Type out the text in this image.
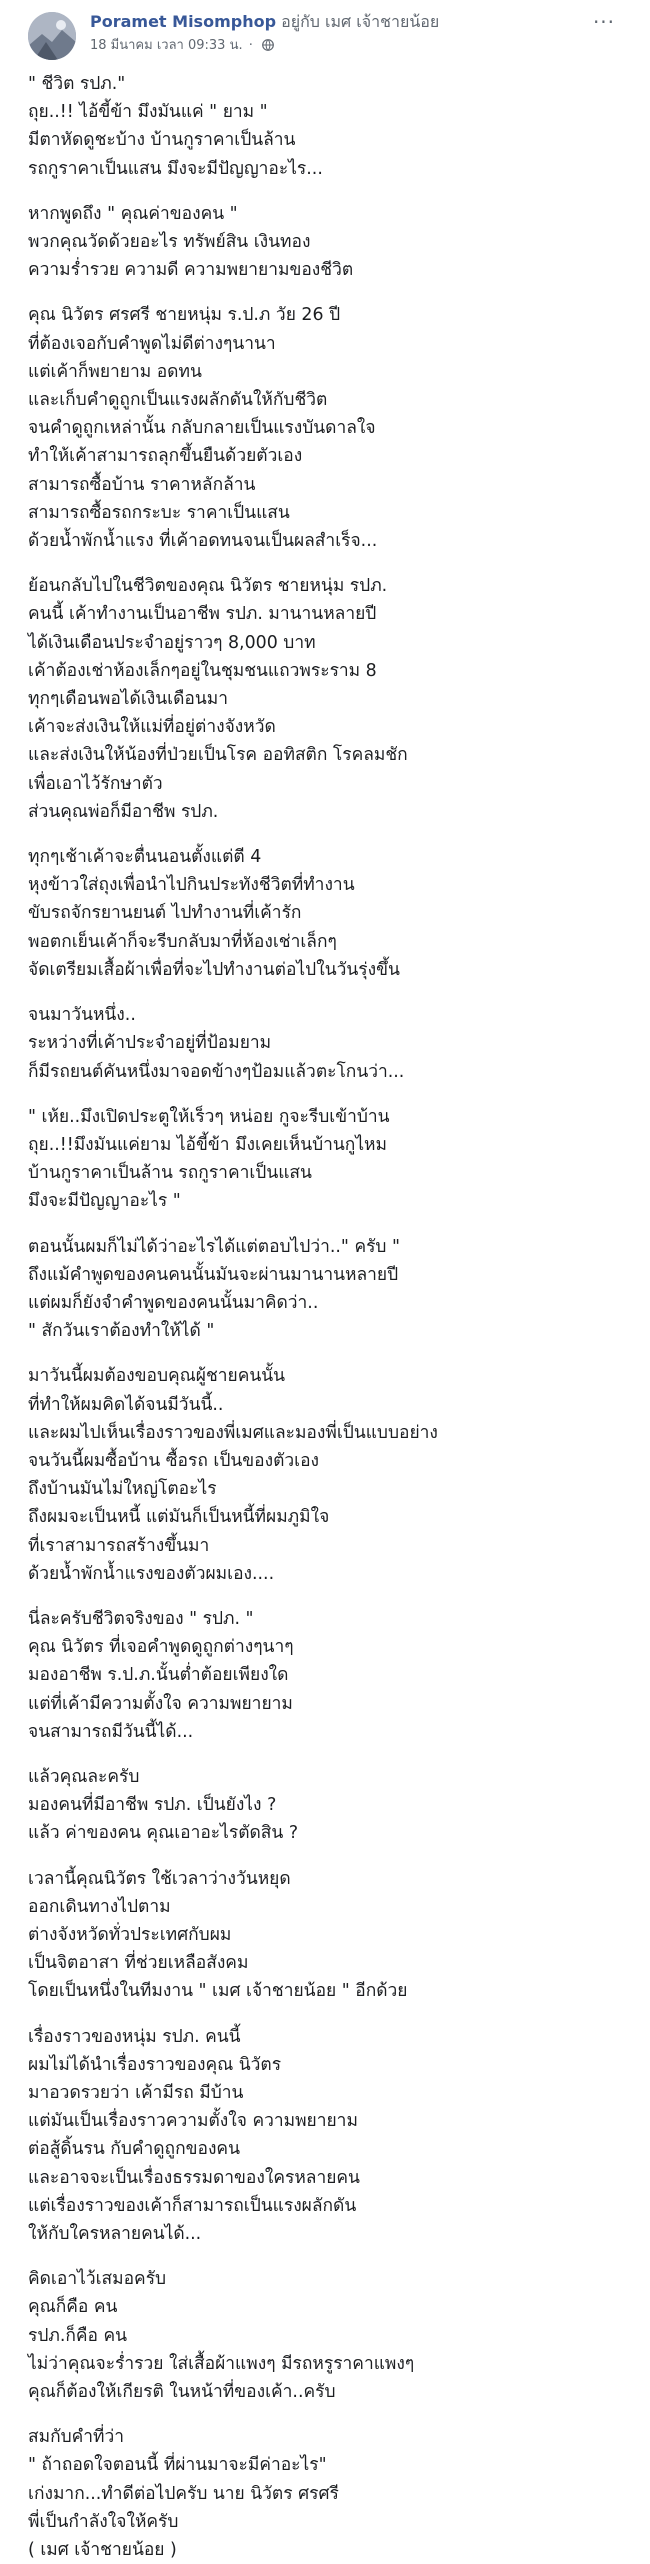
Poramet Misomphop อยู่กับ เมศ เจ้าชายน้อย
18 มีนาคม เวลา 09:33 น. ·
···
" ชีวิต รปภ."
ถุย..!! ไอ้ขี้ข้า มึงมันแค่ " ยาม "
มีตาหัดดูชะบ้าง บ้านกูราคาเป็นล้าน
รถกูราคาเป็นแสน มึงจะมีปัญญาอะไร...
หากพูดถึง " คุณค่าของคน "
พวกคุณวัดด้วยอะไร ทรัพย์สิน เงินทอง
ความร่ำรวย ความดี ความพยายามของชีวิต
คุณ นิวัตร ศรศรี ชายหนุ่ม ร.ป.ภ วัย 26 ปี
ที่ต้องเจอกับคำพูดไม่ดีต่างๆนานา
แต่เค้าก็พยายาม อดทน
และเก็บคำดูถูกเป็นแรงผลักดันให้กับชีวิต
จนคำดูถูกเหล่านั้น กลับกลายเป็นแรงบันดาลใจ
ทำให้เค้าสามารถลุกขึ้นยืนด้วยตัวเอง
สามารถซื้อบ้าน ราคาหลักล้าน
สามารถซื้อรถกระบะ ราคาเป็นแสน
ด้วยน้ำพักน้ำแรง ที่เค้าอดทนจนเป็นผลสำเร็จ...
ย้อนกลับไปในชีวิตของคุณ นิวัตร ชายหนุ่ม รปภ.
คนนี้ เค้าทำงานเป็นอาชีพ รปภ. มานานหลายปี
ได้เงินเดือนประจำอยู่ราวๆ 8,000 บาท
เค้าต้องเช่าห้องเล็กๆอยู่ในชุมชนแถวพระราม 8
ทุกๆเดือนพอได้เงินเดือนมา
เค้าจะส่งเงินให้แม่ที่อยู่ต่างจังหวัด
และส่งเงินให้น้องที่ป่วยเป็นโรค ออทิสติก โรคลมชัก
เพื่อเอาไว้รักษาตัว
ส่วนคุณพ่อก็มีอาชีพ รปภ.
ทุกๆเช้าเค้าจะตื่นนอนตั้งแต่ตี 4
หุงข้าวใส่ถุงเพื่อนำไปกินประทังชีวิตที่ทำงาน
ขับรถจักรยานยนต์ ไปทำงานที่เค้ารัก
พอตกเย็นเค้าก็จะรีบกลับมาที่ห้องเช่าเล็กๆ
จัดเตรียมเสื้อผ้าเพื่อที่จะไปทำงานต่อไปในวันรุ่งขึ้น
จนมาวันหนึ่ง..
ระหว่างที่เค้าประจำอยู่ที่ป้อมยาม
ก็มีรถยนต์คันหนึ่งมาจอดข้างๆป้อมแล้วตะโกนว่า...
" เห้ย..มึงเปิดประตูให้เร็วๆ หน่อย กูจะรีบเข้าบ้าน
ถุย..!!มึงมันแค่ยาม ไอ้ขี้ข้า มึงเคยเห็นบ้านกูไหม
บ้านกูราคาเป็นล้าน รถกูราคาเป็นแสน
มึงจะมีปัญญาอะไร "
ตอนนั้นผมก็ไม่ได้ว่าอะไรได้แต่ตอบไปว่า.." ครับ "
ถึงแม้คำพูดของคนคนนั้นมันจะผ่านมานานหลายปี
แต่ผมก็ยังจำคำพูดของคนนั้นมาคิดว่า..
" สักวันเราต้องทำให้ได้ "
มาวันนี้ผมต้องขอบคุณผู้ชายคนนั้น
ที่ทำให้ผมคิดได้จนมีวันนี้..
และผมไปเห็นเรื่องราวของพี่เมศและมองพี่เป็นแบบอย่าง
จนวันนี้ผมซื้อบ้าน ซื้อรถ เป็นของตัวเอง
ถึงบ้านมันไม่ใหญ่โตอะไร
ถึงผมจะเป็นหนี้ แต่มันก็เป็นหนี้ที่ผมภูมิใจ
ที่เราสามารถสร้างขึ้นมา
ด้วยน้ำพักน้ำแรงของตัวผมเอง....
นี่ละครับชีวิตจริงของ " รปภ. "
คุณ นิวัตร ที่เจอคำพูดดูถูกต่างๆนาๆ
มองอาชีพ ร.ป.ภ.นั้นต่ำต้อยเพียงใด
แต่ที่เค้ามีความตั้งใจ ความพยายาม
จนสามารถมีวันนี้ได้...
แล้วคุณละครับ
มองคนที่มีอาชีพ รปภ. เป็นยังไง ?
แล้ว ค่าของคน คุณเอาอะไรตัดสิน ?
เวลานี้คุณนิวัตร ใช้เวลาว่างวันหยุด
ออกเดินทางไปตาม
ต่างจังหวัดทั่วประเทศกับผม
เป็นจิตอาสา ที่ช่วยเหลือสังคม
โดยเป็นหนึ่งในทีมงาน " เมศ เจ้าชายน้อย " อีกด้วย
เรื่องราวของหนุ่ม รปภ. คนนี้
ผมไม่ได้นำเรื่องราวของคุณ นิวัตร
มาอวดรวยว่า เค้ามีรถ มีบ้าน
แต่มันเป็นเรื่องราวความตั้งใจ ความพยายาม
ต่อสู้ดิ้นรน กับคำดูถูกของคน
และอาจจะเป็นเรื่องธรรมดาของใครหลายคน
แต่เรื่องราวของเค้าก็สามารถเป็นแรงผลักดัน
ให้กับใครหลายคนได้...
คิดเอาไว้เสมอครับ
คุณก็คือ คน
รปภ.ก็คือ คน
ไม่ว่าคุณจะร่ำรวย ใส่เสื้อผ้าแพงๆ มีรถหรูราคาแพงๆ
คุณก็ต้องให้เกียรติ ในหน้าที่ของเค้า..ครับ
สมกับคำที่ว่า
" ถ้าถอดใจตอนนี้ ที่ผ่านมาจะมีค่าอะไร"
เก่งมาก...ทำดีต่อไปครับ นาย นิวัตร ศรศรี
พี่เป็นกำลังใจให้ครับ
( เมศ เจ้าชายน้อย )
